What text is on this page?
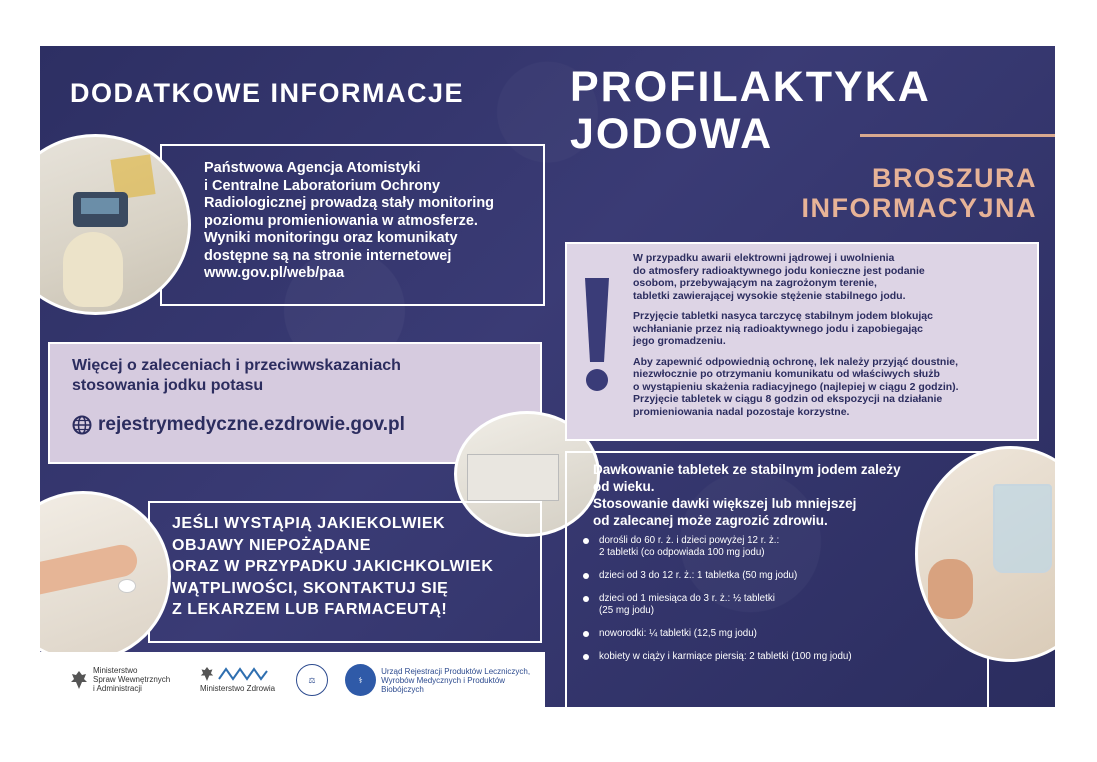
DODATKOWE INFORMACJE PROFILAKTYKA
JODOWA
BROSZURA
INFORMACYJNA
Państwowa Agencja Atomistyki
i Centralne Laboratorium Ochrony
Radiologicznej prowadzą stały monitoring
poziomu promieniowania w atmosferze.
Wyniki monitoringu oraz komunikaty
dostępne są na stronie internetowej
www.gov.pl/web/paa
Więcej o zaleceniach i przeciwwskazaniach
stosowania jodku potasu
rejestrymedyczne.ezdrowie.gov.pl
JEŚLI WYSTĄPIĄ JAKIEKOLWIEK
OBJAWY NIEPOŻĄDANE
ORAZ W PRZYPADKU JAKICHKOLWIEK
WĄTPLIWOŚCI, SKONTAKTUJ SIĘ
Z LEKARZEM LUB FARMACEUTĄ!

W przypadku awarii elektrowni jądrowej i uwolnienia
do atmosfery radioaktywnego jodu konieczne jest podanie
osobom, przebywającym na zagrożonym terenie,
tabletki zawierającej wysokie stężenie stabilnego jodu.

Przyjęcie tabletki nasyca tarczycę stabilnym jodem blokując
wchłanianie przez nią radioaktywnego jodu i zapobiegając
jego gromadzeniu.

Aby zapewnić odpowiednią ochronę, lek należy przyjąć doustnie,
niezwłocznie po otrzymaniu komunikatu od właściwych służb
o wystąpieniu skażenia radiacyjnego (najlepiej w ciągu 2 godzin).
Przyjęcie tabletek w ciągu 8 godzin od ekspozycji na działanie
promieniowania nadal pozostaje korzystne.

Dawkowanie tabletek ze stabilnym jodem zależy
od wieku.
Stosowanie dawki większej lub mniejszej
od zalecanej może zagrozić zdrowiu.
dorośli do 60 r. ż. i dzieci powyżej 12 r. ż.:
2 tabletki (co odpowiada 100 mg jodu)
dzieci od 3 do 12 r. ż.: 1 tabletka (50 mg jodu)
dzieci od 1 miesiąca do 3 r. ż.: ½ tabletki
(25 mg jodu)
noworodki: ¼ tabletki (12,5 mg jodu)
kobiety w ciąży i karmiące piersią: 2 tabletki (100 mg jodu)
Ministerstwo
Spraw Wewnętrznych
i Administracji	Ministerstwo Zdrowia
⚖	⚕
Urząd Rejestracji Produktów Leczniczych,
Wyrobów Medycznych i Produktów Biobójczych
